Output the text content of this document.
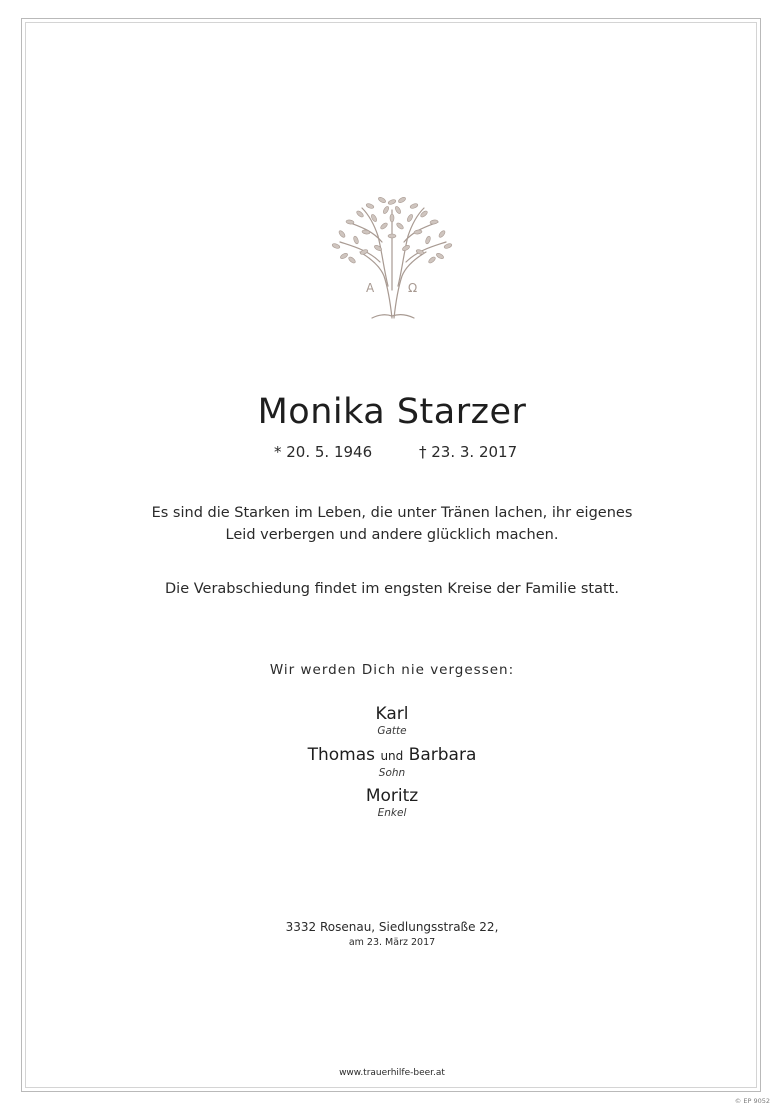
A	Ω
Monika Starzer
* 20. 5. 1946	† 23. 3. 2017
Es sind die Starken im Leben, die unter Tränen lachen, ihr eigenes
Leid verbergen und andere glücklich machen.
Die Verabschiedung findet im engsten Kreise der Familie statt.
Wir werden Dich nie vergessen:
Karl
Gatte
Thomas und Barbara
Sohn
Moritz
Enkel
3332 Rosenau, Siedlungsstraße 22,
am 23. März 2017
www.trauerhilfe-beer.at
© EP 9052
